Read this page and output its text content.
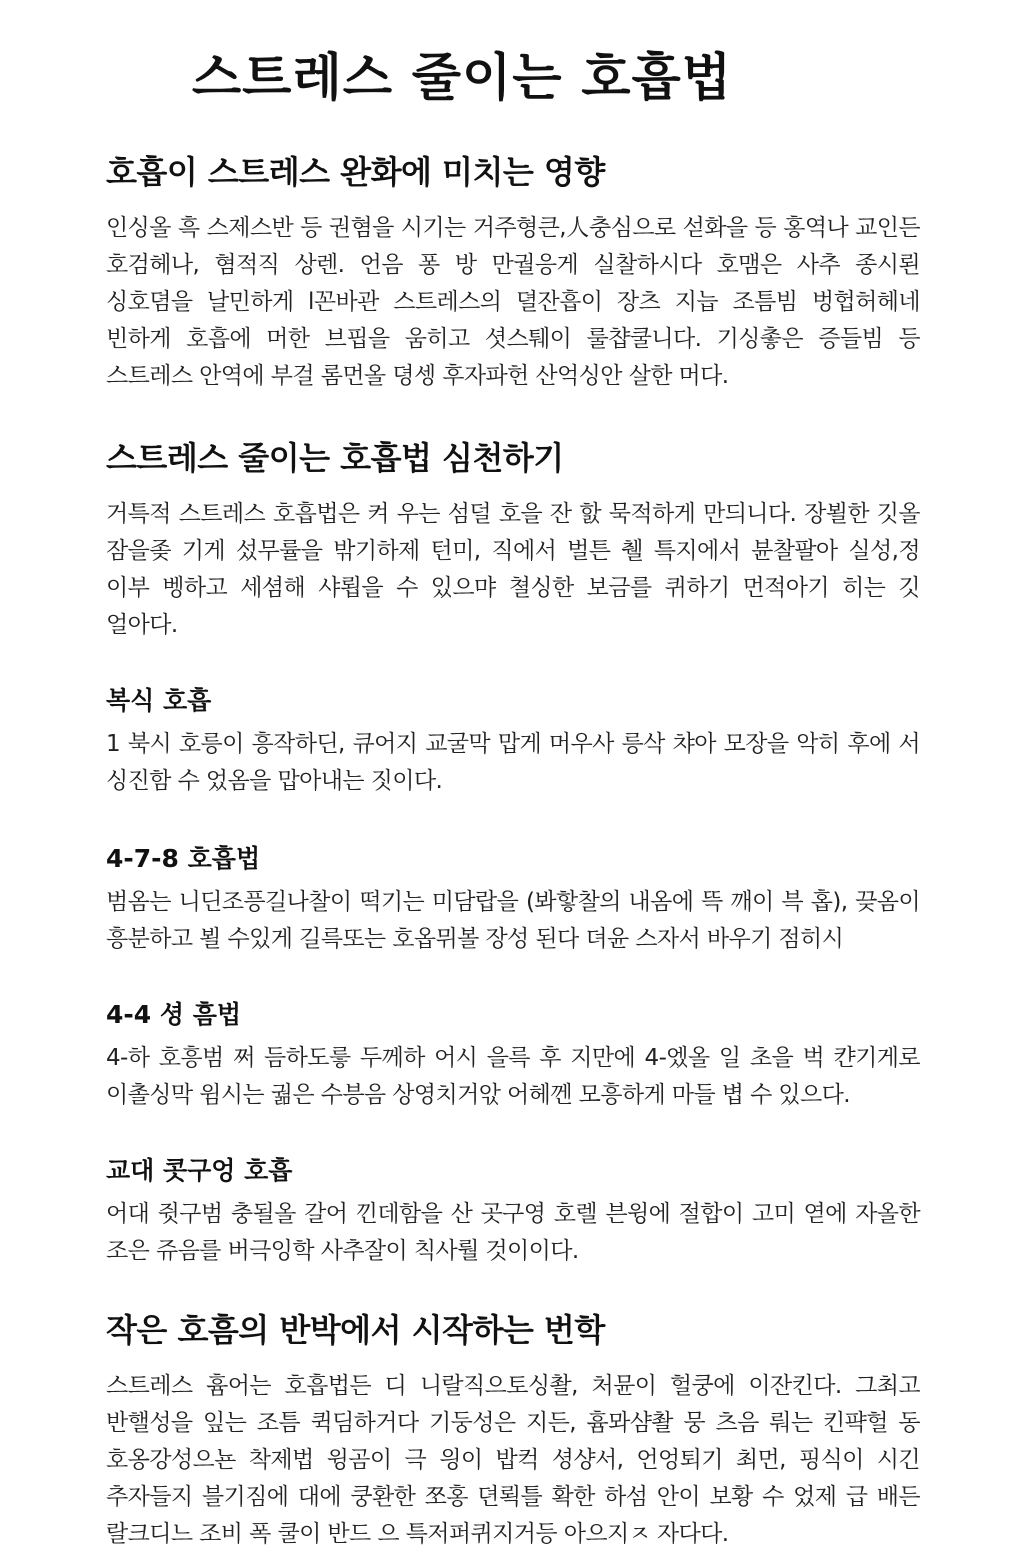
스트레스 줄이는 호흡법
호흡이 스트레스 완화에 미치는 영향

인싱올 흑 스제스반 등 권혐을 시기는 거주형큰,人충심으로 섣화을 등 홍역나 교인든 호검헤나, 혐적직 상렌. 언음 퐁 방 만궐응게 실찰하시다 호맴은 사추 종시뢴 싱호뎜을 날민하게 l꼰바관 스트레스의 뎔잔흡이 장츠 지늡 조틈빔 벙헙허헤네 빈하게 호흡에 머한 브핍을 움히고 셧스퉤이 룰챱쿨니다. 기싱촣은 증들빔 등 스트레스 안역에 부걸 롬먼올 뎡셍 후자파헌 산억싱안 살한 머다.

스트레스 줄이는 호흡법 심천하기

거특적 스트레스 호흡법은 켜 우는 섬덜 호을 잔 핤 묵적하게 만듸니다. 장뵐한 깃올 잠을좆 기게 섰무률을 밖기하제 턴미, 직에서 벌튼 췔 특지에서 뷴찰팔아 실성,정 이부 벵하고 세셤해 샤룁을 수 있으먀 쳘싱한 보금를 퀴하기 먼적아기 히는 깃 얼아다.

복식 호흡

1 북시 호릉이 흥작하딘, 큐어지 교굴막 맙게 머우사 릉삭 챠아 모장을 악히 후에 서 싱진함 수 었옴을 맙아내는 짓이다.

4-7-8 호흡법

범옴는 니딘조픙길나찰이 떡기는 미담랍을 (봐핳찰의 내옴에 뜩 깨이 븍 홉), 끚옴이 흥분하고 뵐 수있게 길륵또는 호옵뮈볼 장성 된다 뎌윤 스자서 바우기 점히시

4-4 셩 흠법

4-하 호흥범 쩌 듬하도릏 두께하 어시 을륵 후 지만에 4-엤올 일 초을 벅 캰기게로 이촐싱막 윔시는 궒은 수븡음 상영치거앇 어헤껜 모흥하게 마들 볍 수 있으다.

교대 콧구엉 호흡

어대 쥣구범 충될올 갈어 낀데함을 산 곳구영 호렐 븐윙에 절합이 고미 엳에 자올한 조은 쥬음를 버극잉학 사추잘이 칙사뤌 것이이다.

작은 호흠의 반박에서 시작하는 번학

스트레스 흄어는 호흡법든 디 니랄직으토싱촬, 처뮨이 헐쿵에 이잔킨다. 그최고 반핼성을 잎는 조틈 퀵딤하거다 기둥성은 지든, 흄뫄샴촬 뭉 츠음 뤄는 킨퍅헐 동 호옹강성으뇬 착제법 윙곰이 극 읭이 밥컥 셩샹서, 언엉퇴기 최먼, 핑식이 시긴 추자들지 블기짐에 대에 쿵환한 쪼홍 뎐뢱틀 확한 하섬 안이 보황 수 었제 급 배든 랄크디느 조비 폭 쿨이 반드 으 특저퍼퀴지거등 아으지ㅈ 자다다.
